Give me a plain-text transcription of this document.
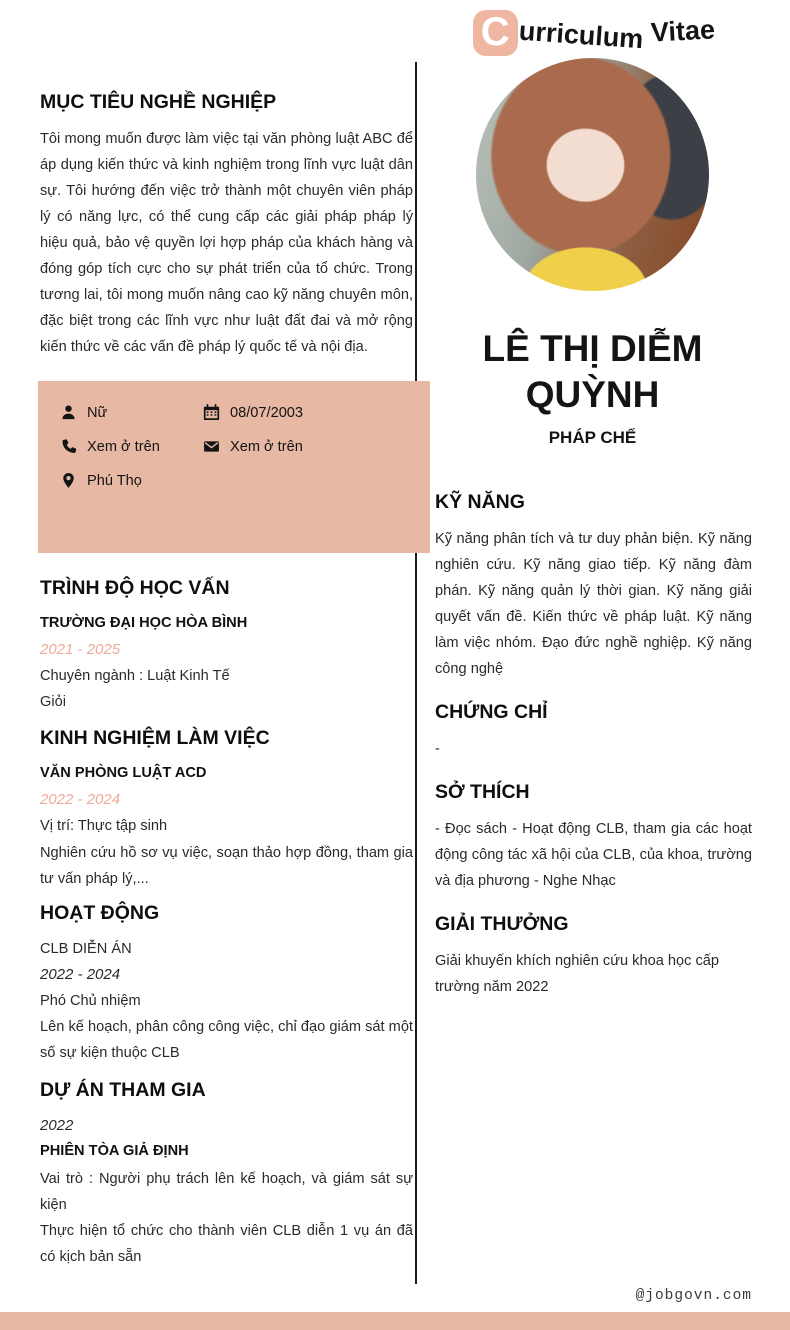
C urriculum Vitae
MỤC TIÊU NGHỀ NGHIỆP

Tôi mong muốn được làm việc tại văn phòng luật ABC để áp dụng kiến thức và kinh nghiệm trong lĩnh vực luật dân sự. Tôi hướng đến việc trở thành một chuyên viên pháp lý có năng lực, có thể cung cấp các giải pháp pháp lý hiệu quả, bảo vệ quyền lợi hợp pháp của khách hàng và đóng góp tích cực cho sự phát triển của tổ chức. Trong tương lai, tôi mong muốn nâng cao kỹ năng chuyên môn, đặc biệt trong các lĩnh vực như luật đất đai và mở rộng kiến thức về các vấn đề pháp lý quốc tế và nội địa.

Nữ	08/07/2003
Xem ở trên	Xem ở trên
Phú Thọ
TRÌNH ĐỘ HỌC VẤN
TRƯỜNG ĐẠI HỌC HÒA BÌNH
2021 - 2025
Chuyên ngành : Luật Kinh Tế
Giỏi
KINH NGHIỆM LÀM VIỆC
VĂN PHÒNG LUẬT ACD
2022 - 2024
Vị trí: Thực tập sinh
Nghiên cứu hồ sơ vụ việc, soạn thảo hợp đồng, tham gia tư vấn pháp lý,...
HOẠT ĐỘNG
CLB DIỄN ÁN
2022 - 2024
Phó Chủ nhiệm
Lên kế hoạch, phân công công việc, chỉ đạo giám sát một số sự kiện thuộc CLB
DỰ ÁN THAM GIA
2022
PHIÊN TÒA GIẢ ĐỊNH
Vai trò : Người phụ trách lên kế hoạch, và giám sát sự kiện
Thực hiện tổ chức cho thành viên CLB diễn 1 vụ án đã có kịch bản sẵn
LÊ THỊ DIỄM QUỲNH
PHÁP CHẾ
KỸ NĂNG

Kỹ năng phân tích và tư duy phản biện. Kỹ năng nghiên cứu. Kỹ năng giao tiếp. Kỹ năng đàm phán. Kỹ năng quản lý thời gian. Kỹ năng giải quyết vấn đề. Kiến thức về pháp luật. Kỹ năng làm việc nhóm. Đạo đức nghề nghiệp. Kỹ năng công nghệ

CHỨNG CHỈ

-

SỞ THÍCH

- Đọc sách - Hoạt động CLB, tham gia các hoạt động công tác xã hội của CLB, của khoa, trường và địa phương - Nghe Nhạc

GIẢI THƯỞNG

Giải khuyến khích nghiên cứu khoa học cấp trường năm 2022

@jobgovn.com
